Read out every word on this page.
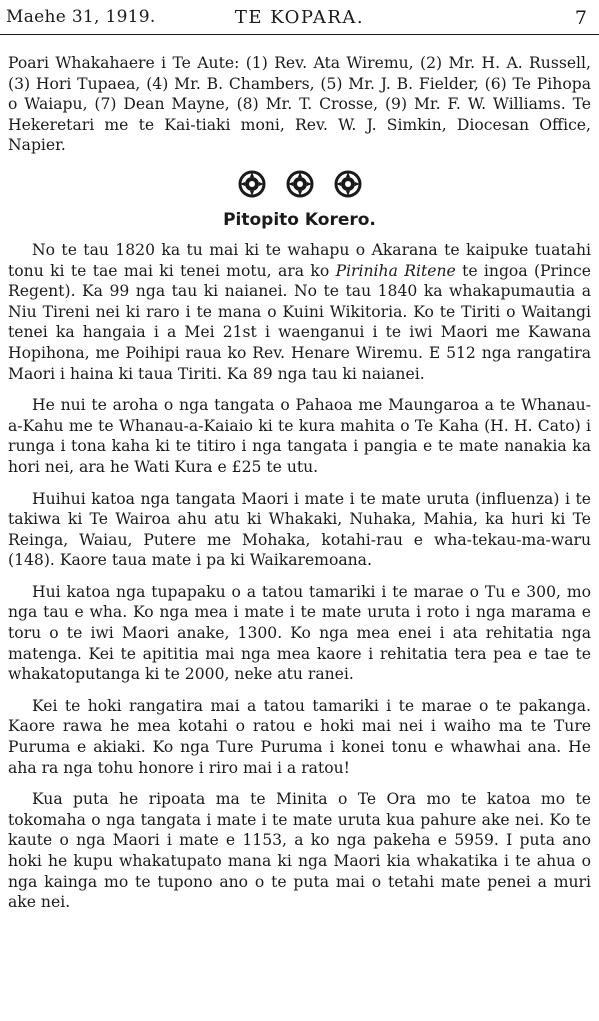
Maehe 31, 1919.	TE KOPARA.	7

Poari Whakahaere i Te Aute: (1) Rev. Ata Wiremu, (2) Mr. H. A. Russell, (3) Hori Tupaea, (4) Mr. B. Chambers, (5) Mr. J. B. Fielder, (6) Te Pihopa o Waiapu, (7) Dean Mayne, (8) Mr. T. Crosse, (9) Mr. F. W. Williams. Te Hekeretari me te Kai-tiaki moni, Rev. W. J. Simkin, Diocesan Office, Napier.

Pitopito Korero.

No te tau 1820 ka tu mai ki te wahapu o Akarana te kaipuke tuatahi tonu ki te tae mai ki tenei motu, ara ko Piriniha Ritene te ingoa (Prince Regent). Ka 99 nga tau ki naianei. No te tau 1840 ka whakapumautia a Niu Tireni nei ki raro i te mana o Kuini Wikitoria. Ko te Tiriti o Waitangi tenei ka hangaia i a Mei 21st i waenganui i te iwi Maori me Kawana Hopihona, me Poihipi raua ko Rev. Henare Wiremu. E 512 nga rangatira Maori i haina ki taua Tiriti. Ka 89 nga tau ki naianei.

He nui te aroha o nga tangata o Pahaoa me Maungaroa a te Whanau-a-Kahu me te Whanau-a-Kaiaio ki te kura mahita o Te Kaha (H. H. Cato) i runga i tona kaha ki te titiro i nga tangata i pangia e te mate nanakia ka hori nei, ara he Wati Kura e £25 te utu.

Huihui katoa nga tangata Maori i mate i te mate uruta (influenza) i te takiwa ki Te Wairoa ahu atu ki Whakaki, Nuhaka, Mahia, ka huri ki Te Reinga, Waiau, Putere me Mohaka, kotahi-rau e wha-tekau-ma-waru (148). Kaore taua mate i pa ki Waikaremoana.

Hui katoa nga tupapaku o a tatou tamariki i te marae o Tu e 300, mo nga tau e wha. Ko nga mea i mate i te mate uruta i roto i nga marama e toru o te iwi Maori anake, 1300. Ko nga mea enei i ata rehitatia nga matenga. Kei te apititia mai nga mea kaore i rehitatia tera pea e tae te whakatoputanga ki te 2000, neke atu ranei.

Kei te hoki rangatira mai a tatou tamariki i te marae o te pakanga. Kaore rawa he mea kotahi o ratou e hoki mai nei i waiho ma te Ture Puruma e akiaki. Ko nga Ture Puruma i konei tonu e whawhai ana. He aha ra nga tohu honore i riro mai i a ratou!

Kua puta he ripoata ma te Minita o Te Ora mo te katoa mo te tokomaha o nga tangata i mate i te mate uruta kua pahure ake nei. Ko te kaute o nga Maori i mate e 1153, a ko nga pakeha e 5959. I puta ano hoki he kupu whakatupato mana ki nga Maori kia whakatika i te ahua o nga kainga mo te tupono ano o te puta mai o tetahi mate penei a muri ake nei.
